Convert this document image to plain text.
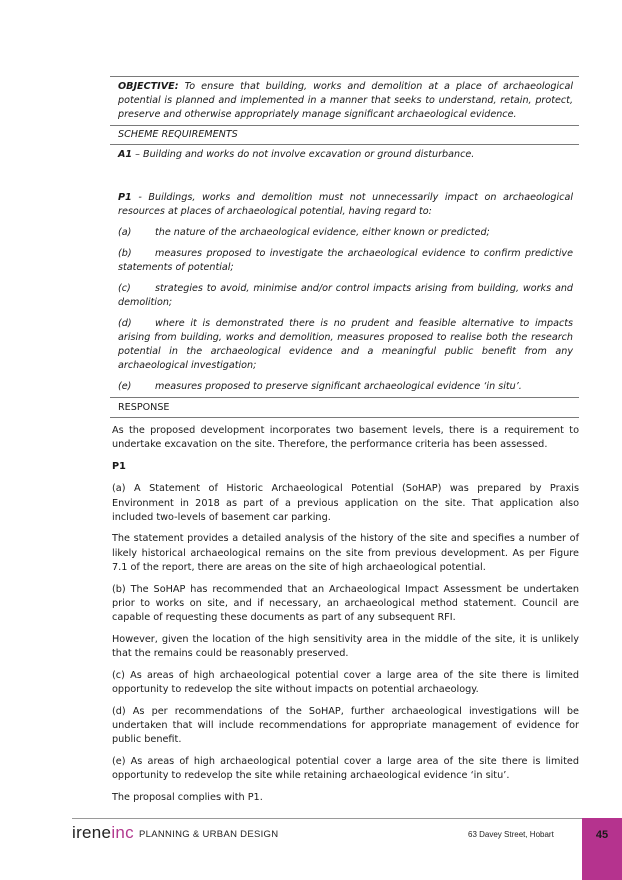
OBJECTIVE: To ensure that building, works and demolition at a place of archaeological potential is planned and implemented in a manner that seeks to understand, retain, protect, preserve and otherwise appropriately manage significant archaeological evidence.

SCHEME REQUIREMENTS

A1 – Building and works do not involve excavation or ground disturbance.

P1 - Buildings, works and demolition must not unnecessarily impact on archaeological resources at places of archaeological potential, having regard to:

(a) the nature of the archaeological evidence, either known or predicted;

(b) measures proposed to investigate the archaeological evidence to confirm predictive statements of potential;

(c)	strategies to avoid, minimise and/or control impacts arising from building, works and demolition;

(d) where it is demonstrated there is no prudent and feasible alternative to impacts arising from building, works and demolition, measures proposed to realise both the research potential in the archaeological evidence and a meaningful public benefit from any archaeological investigation;

(e) measures proposed to preserve significant archaeological evidence ‘in situ’.

RESPONSE

As the proposed development incorporates two basement levels, there is a requirement to undertake excavation on the site. Therefore, the performance criteria has been assessed.

P1

(a) A Statement of Historic Archaeological Potential (SoHAP) was prepared by Praxis Environment in 2018 as part of a previous application on the site. That application also included two-levels of basement car parking.

The statement provides a detailed analysis of the history of the site and specifies a number of likely historical archaeological remains on the site from previous development. As per Figure 7.1 of the report, there are areas on the site of high archaeological potential.

(b) The SoHAP has recommended that an Archaeological Impact Assessment be undertaken prior to works on site, and if necessary, an archaeological method statement. Council are capable of requesting these documents as part of any subsequent RFI.

However, given the location of the high sensitivity area in the middle of the site, it is unlikely that the remains could be reasonably preserved.

(c) As areas of high archaeological potential cover a large area of the site there is limited opportunity to redevelop the site without impacts on potential archaeology.

(d) As per recommendations of the SoHAP, further archaeological investigations will be undertaken that will include recommendations for appropriate management of evidence for public benefit.

(e) As areas of high archaeological potential cover a large area of the site there is limited opportunity to redevelop the site while retaining archaeological evidence ‘in situ’.

The proposal complies with P1.

ireneinc PLANNING & URBAN DESIGN	63 Davey Street, Hobart	45
